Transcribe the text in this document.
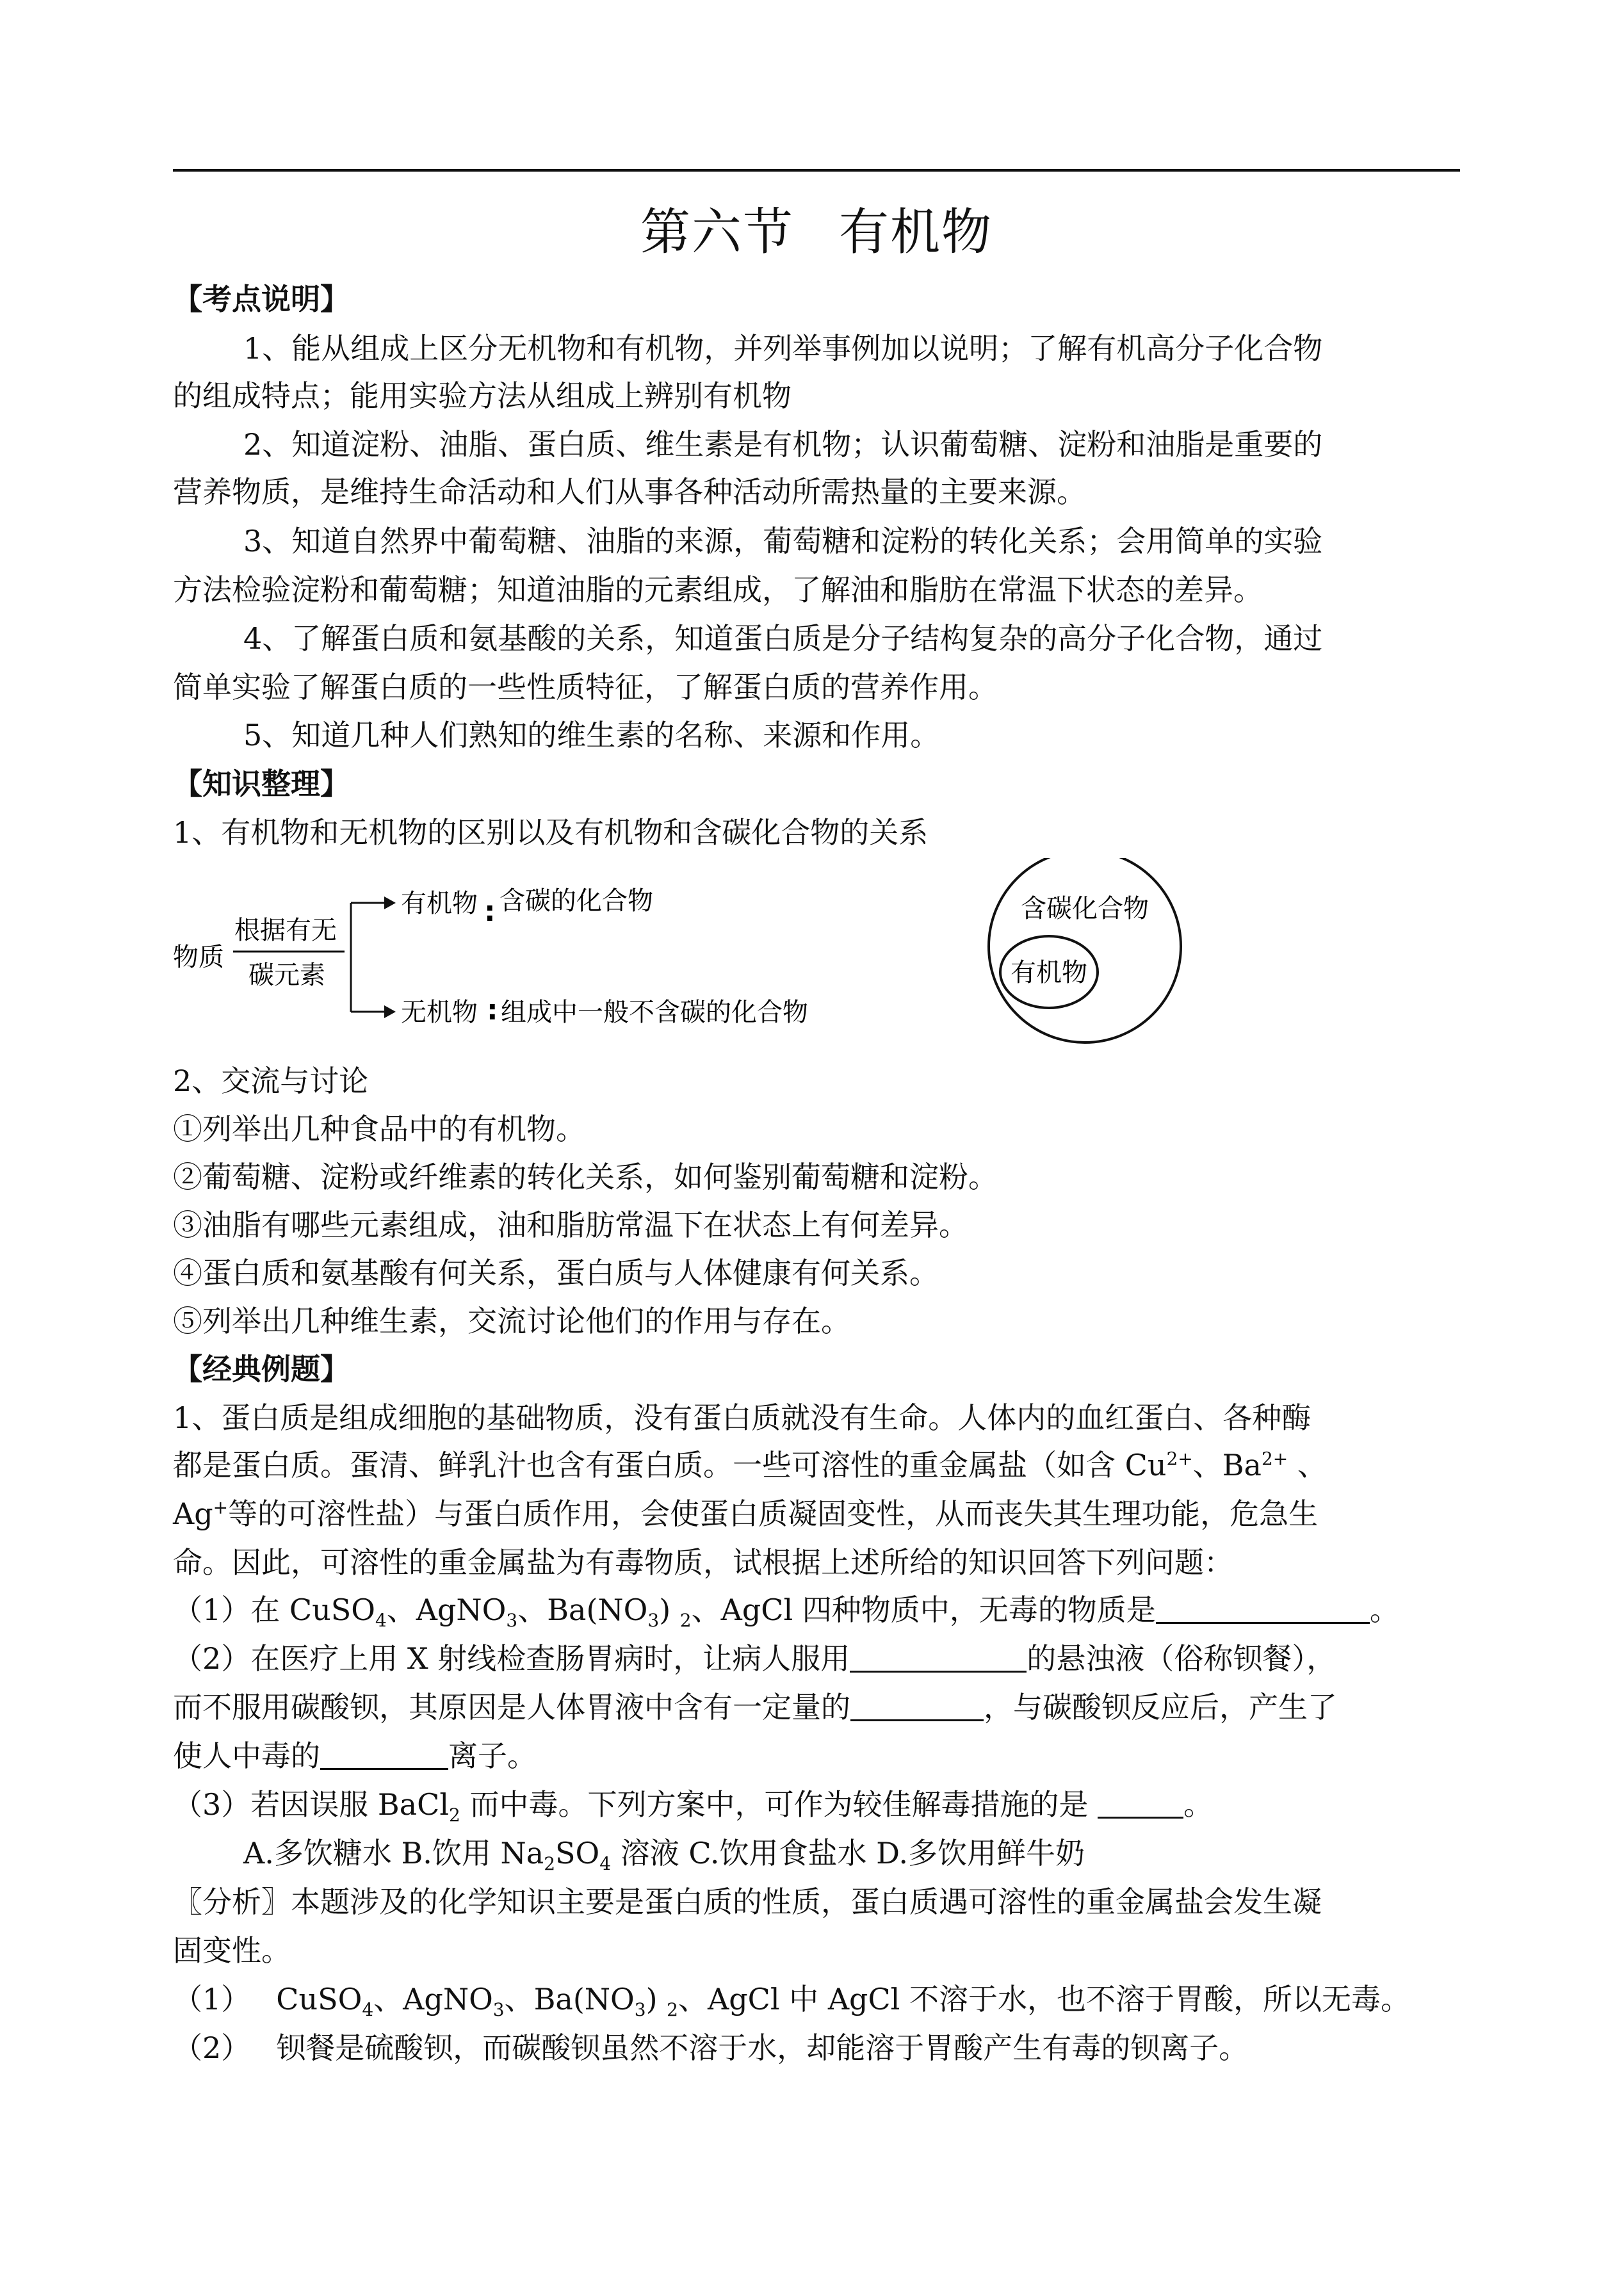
第六节 有机物
【考点说明】
1、能从组成上区分无机物和有机物，并列举事例加以说明；了解有机高分子化合物
的组成特点；能用实验方法从组成上辨别有机物
2、知道淀粉、油脂、蛋白质、维生素是有机物；认识葡萄糖、淀粉和油脂是重要的
营养物质，是维持生命活动和人们从事各种活动所需热量的主要来源。
3、知道自然界中葡萄糖、油脂的来源，葡萄糖和淀粉的转化关系；会用简单的实验
方法检验淀粉和葡萄糖；知道油脂的元素组成，了解油和脂肪在常温下状态的差异。
4、了解蛋白质和氨基酸的关系，知道蛋白质是分子结构复杂的高分子化合物，通过
简单实验了解蛋白质的一些性质特征，了解蛋白质的营养作用。
5、知道几种人们熟知的维生素的名称、来源和作用。
【知识整理】
1、有机物和无机物的区别以及有机物和含碳化合物的关系
物质
根据有无
碳元素
有机物 : 含碳的化合物
无机物 : 组成中一般不含碳的化合物
含碳化合物
有机物
2、交流与讨论
①列举出几种食品中的有机物。
②葡萄糖、淀粉或纤维素的转化关系，如何鉴别葡萄糖和淀粉。
③油脂有哪些元素组成，油和脂肪常温下在状态上有何差异。
④蛋白质和氨基酸有何关系，蛋白质与人体健康有何关系。
⑤列举出几种维生素，交流讨论他们的作用与存在。
【经典例题】
1、蛋白质是组成细胞的基础物质，没有蛋白质就没有生命。人体内的血红蛋白、各种酶
都是蛋白质。蛋清、鲜乳汁也含有蛋白质。一些可溶性的重金属盐（如含 $Cu^{2+}$、$Ba^{2+}$ 、
Ag+等的可溶性盐）与蛋白质作用，会使蛋白质凝固变性，从而丧失其生理功能，危急生
命。因此，可溶性的重金属盐为有毒物质，试根据上述所给的知识回答下列问题：
（1）在 CuSO$_4$、AgNO$_3$、$Ba(NO_3)$ $_2$、AgCl 四种物质中，无毒的物质是	。
（2）在医疗上用 X 射线检查肠胃病时，让病人服用	的悬浊液（俗称钡餐），
而不服用碳酸钡，其原因是人体胃液中含有一定量的	，与碳酸钡反应后，产生了
使人中毒的	离子。
（3）若因误服 BaCl$_2$ 而中毒。下列方案中，可作为较佳解毒措施的是	。
A.多饮糖水 B.饮用 $Na_2SO_4$ 溶液 C.饮用食盐水 D.多饮用鲜牛奶
〖分析〗本题涉及的化学知识主要是蛋白质的性质，蛋白质遇可溶性的重金属盐会发生凝
固变性。
（1） CuSO$_4$、AgNO$_3$、$Ba(NO_3)$ $_2$、AgCl 中 AgCl 不溶于水，也不溶于胃酸，所以无毒。
（2） 钡餐是硫酸钡，而碳酸钡虽然不溶于水，却能溶于胃酸产生有毒的钡离子。
